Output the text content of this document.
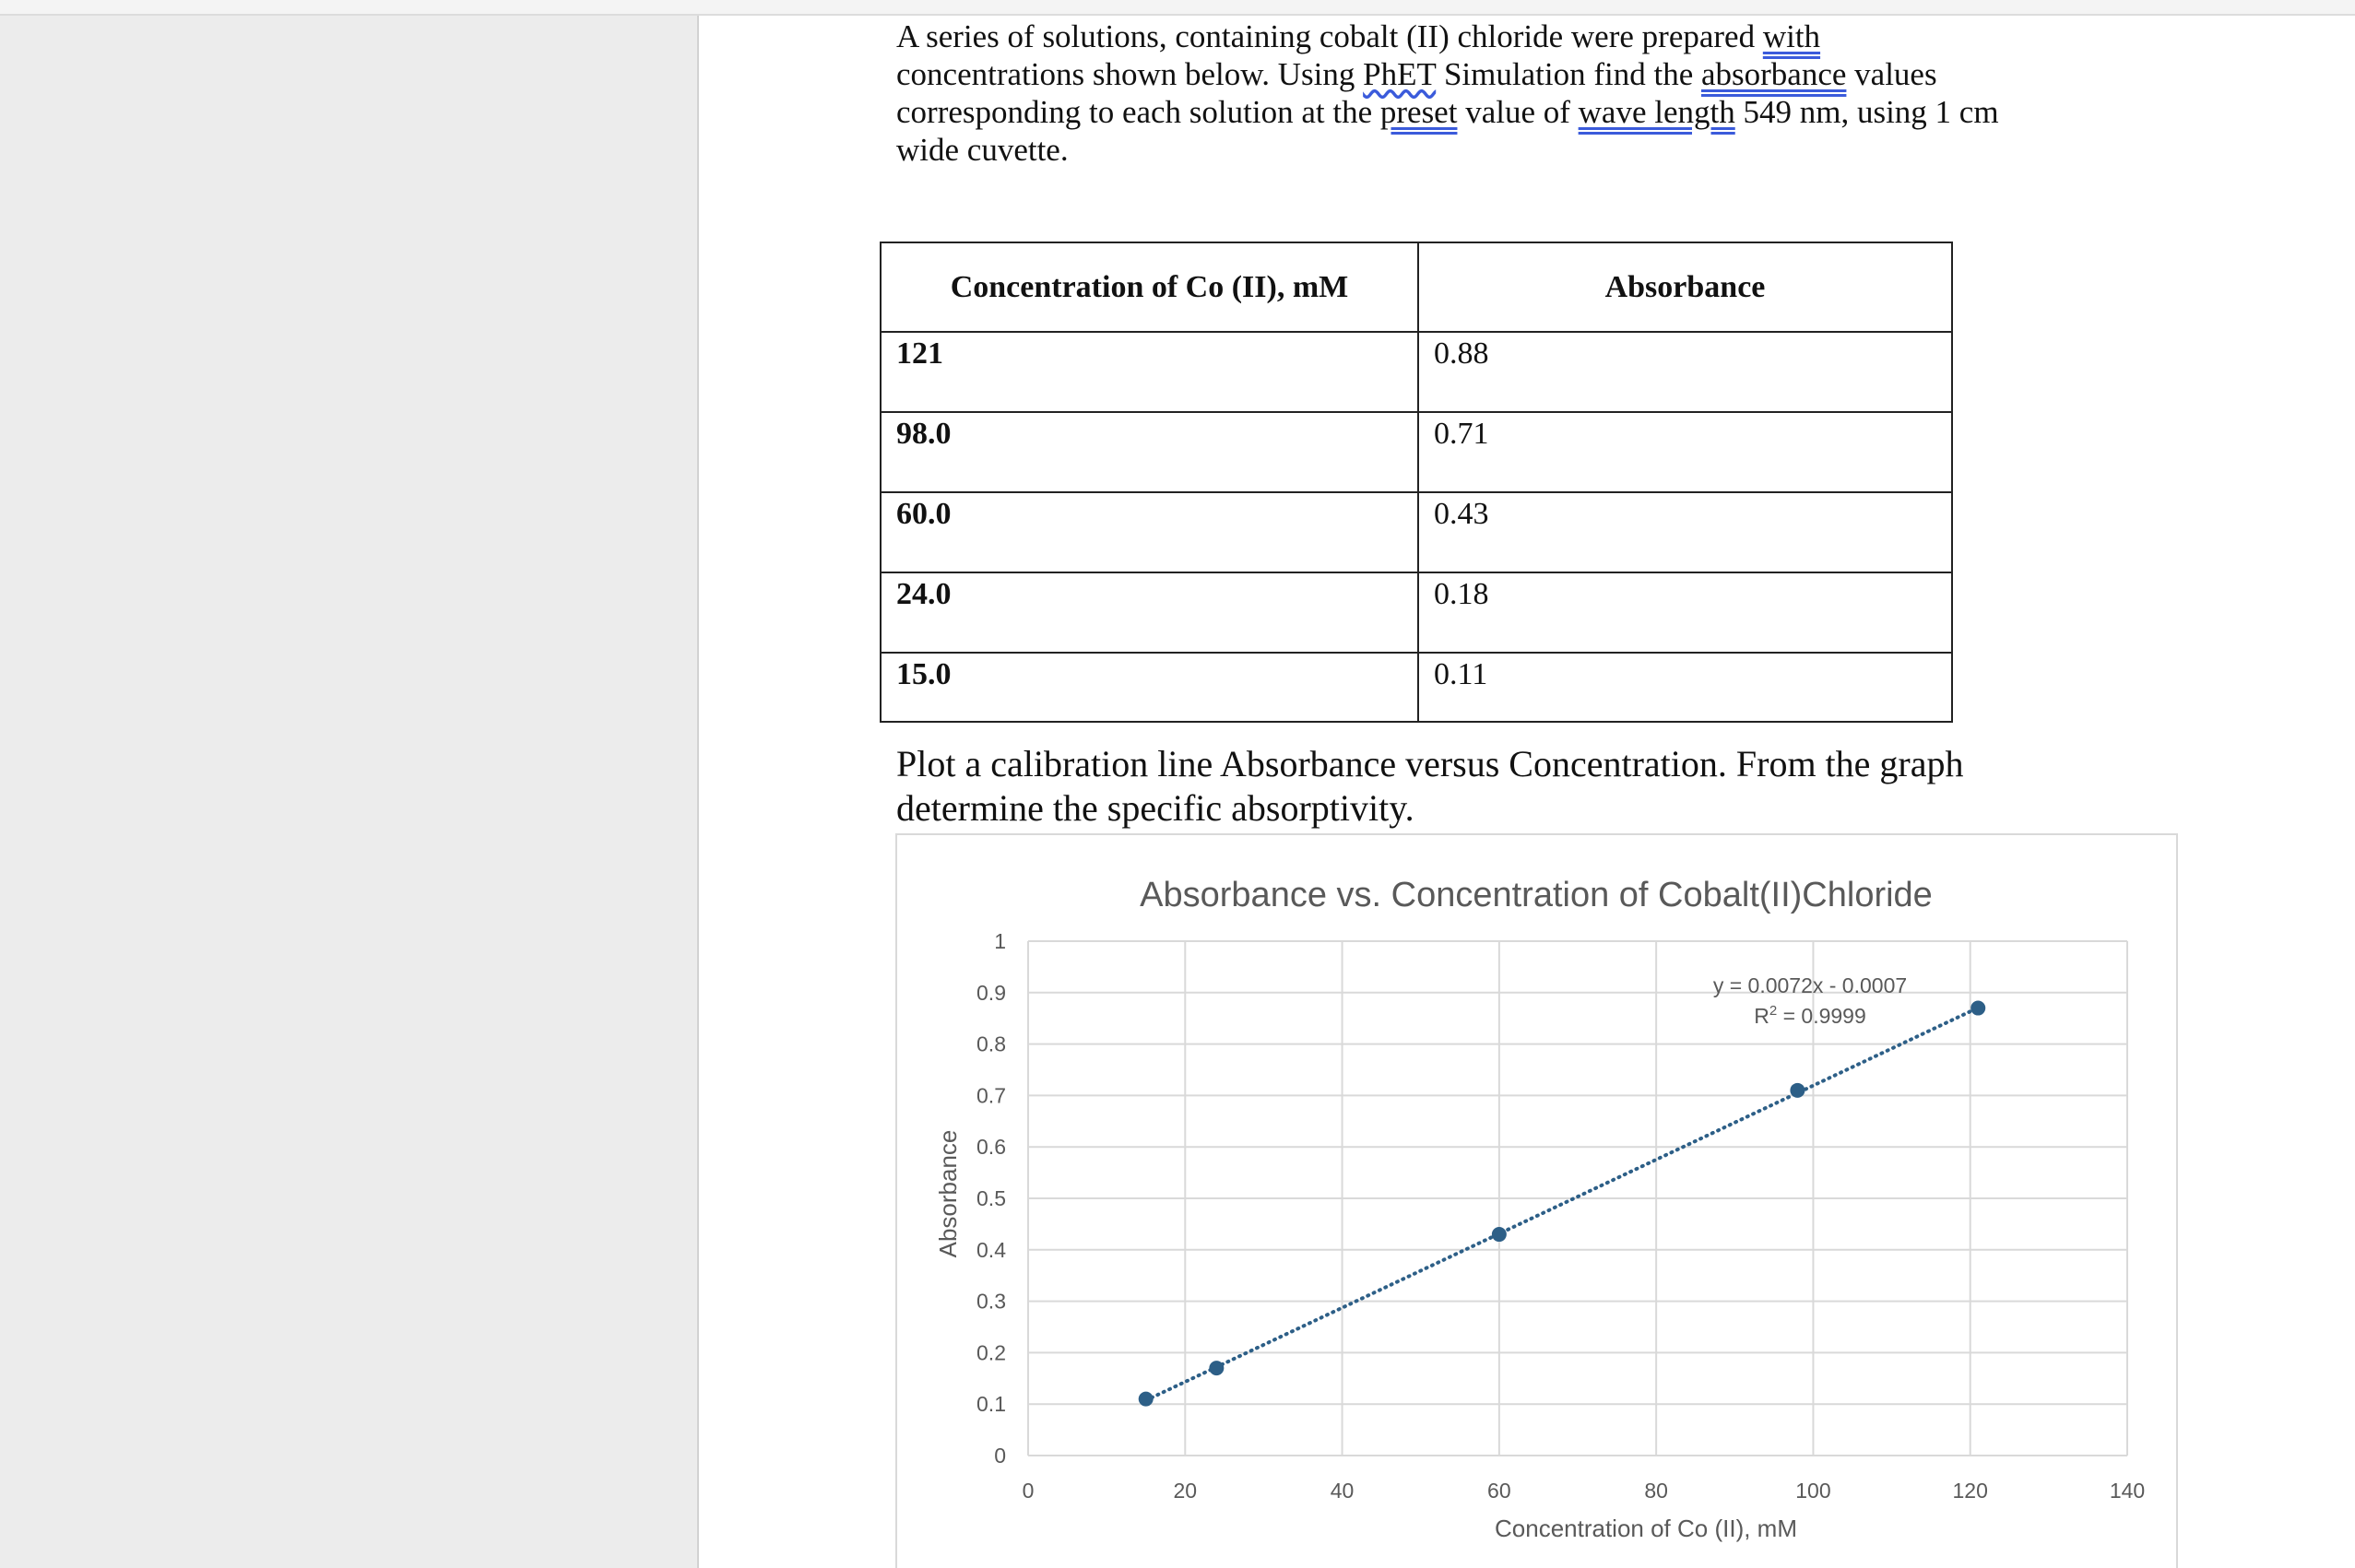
A series of solutions, containing cobalt (II) chloride were prepared with concentrations shown below. Using PhET Simulation find the absorbance values corresponding to each solution at the preset value of wave length 549 nm, using 1 cm wide cuvette.
Concentration of Co (II), mM	Absorbance
121	0.88
98.0	0.71
60.0	0.43
24.0	0.18
15.0	0.11
Plot a calibration line Absorbance versus Concentration. From the graph determine the specific absorptivity.
Absorbance vs. Concentration of Cobalt(II)Chloride
0
0.1
0.2
0.3
0.4
0.5
0.6
0.7
0.8
0.9
1
0	20	40	60	80	100	120	140
y = 0.0072x - 0.0007
$R^2 = 0.9999$
Concentration of Co (II), mM
Absorbance
